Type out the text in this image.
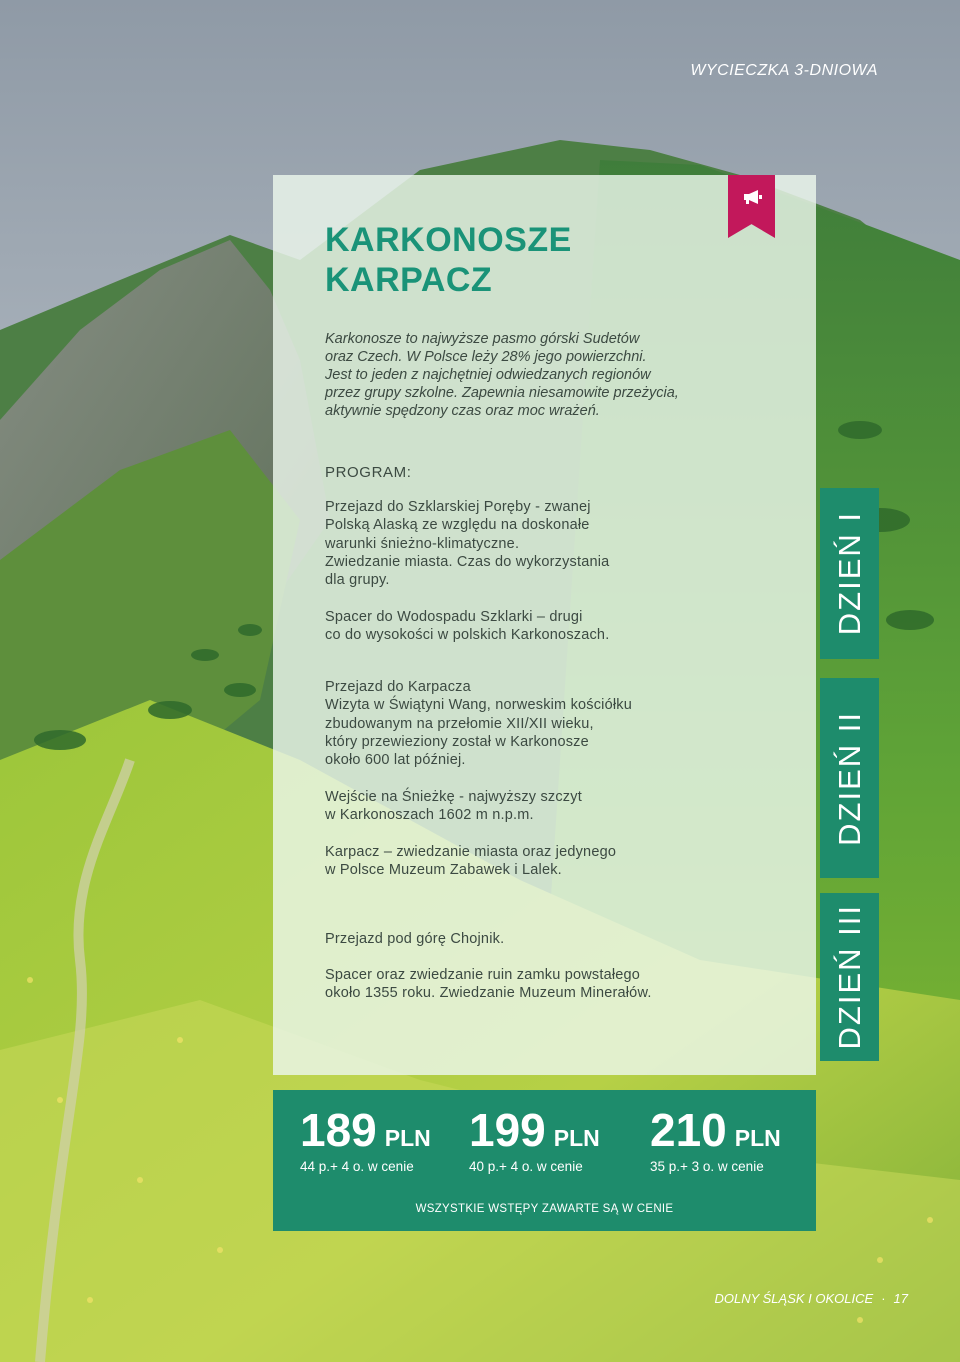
WYCIECZKA 3-DNIOWA
KARKONOSZE
KARPACZ

Karkonosze to najwyższe pasmo górski Sudetów
oraz Czech. W Polsce leży 28% jego powierzchni.
Jest to jeden z najchętniej odwiedzanych regionów
przez grupy szkolne. Zapewnia niesamowite przeżycia,
aktywnie spędzony czas oraz moc wrażeń.

PROGRAM:

Przejazd do Szklarskiej Poręby - zwanej
Polską Alaską ze względu na doskonałe
warunki śnieżno-klimatyczne.
Zwiedzanie miasta. Czas do wykorzystania
dla grupy.

Spacer do Wodospadu Szklarki – drugi
co do wysokości w polskich Karkonoszach.

Przejazd do Karpacza
Wizyta w Świątyni Wang, norweskim kościółku
zbudowanym na przełomie XII/XII wieku,
który przewieziony został w Karkonosze
około 600 lat później.

Wejście na Śnieżkę - najwyższy szczyt
w Karkonoszach 1602 m n.p.m.

Karpacz – zwiedzanie miasta oraz jedynego
w Polsce Muzeum Zabawek i Lalek.

Przejazd pod górę Chojnik.

Spacer oraz zwiedzanie ruin zamku powstałego
około 1355 roku. Zwiedzanie Muzeum Minerałów.

DZIEŃ I
DZIEŃ II
DZIEŃ III
189 PLN
44 p.+ 4 o. w cenie
199 PLN
40 p.+ 4 o. w cenie
210 PLN
35 p.+ 3 o. w cenie
WSZYSTKIE WSTĘPY ZAWARTE SĄ W CENIE
DOLNY ŚLĄSK I OKOLICE · 17
